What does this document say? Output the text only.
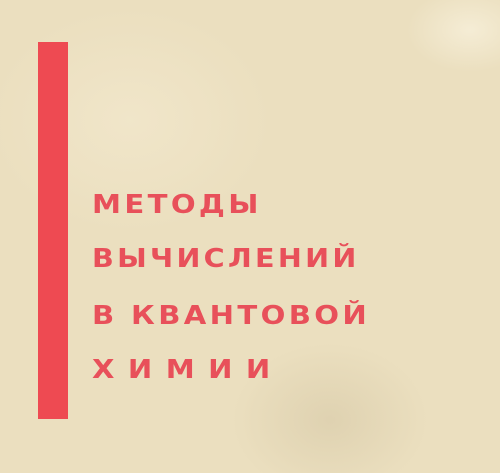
МЕТОДЫ

ВЫЧИСЛЕНИЙ

В КВАНТОВОЙ

ХИМИИ
